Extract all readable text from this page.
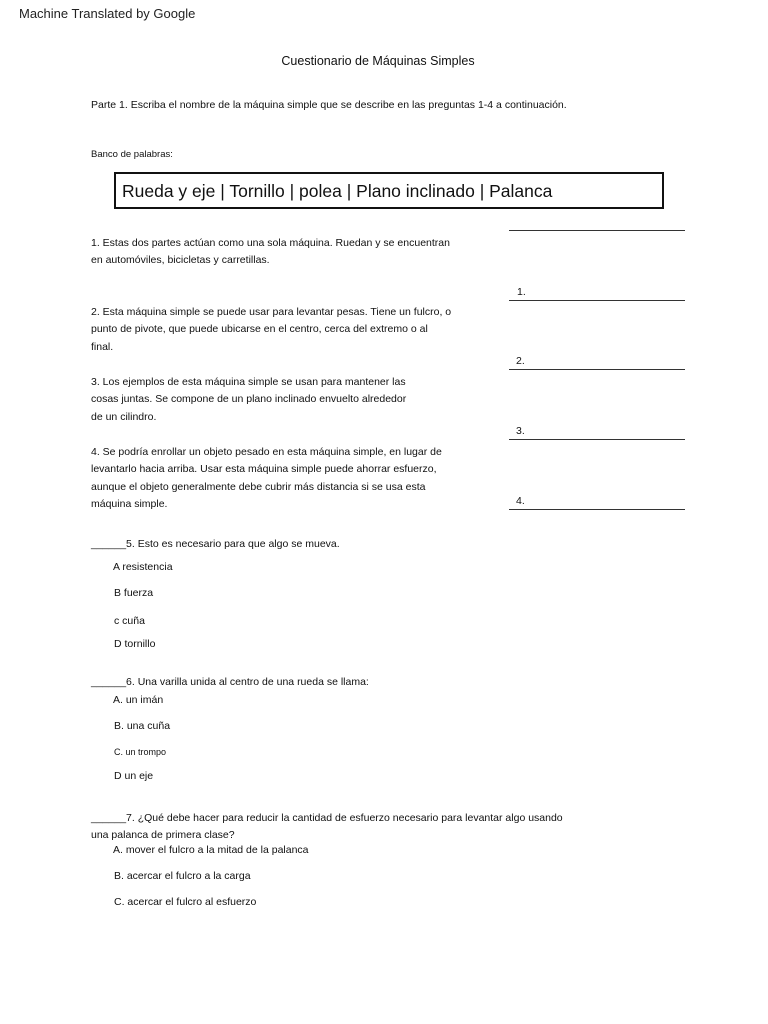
Machine Translated by Google
Cuestionario de Máquinas Simples
Parte 1. Escriba el nombre de la máquina simple que se describe en las preguntas 1-4 a continuación.
Banco de palabras:
Rueda y eje | Tornillo | polea | Plano inclinado | Palanca
1. Estas dos partes actúan como una sola máquina. Ruedan y se encuentran
en automóviles, bicicletas y carretillas.
1.
2. Esta máquina simple se puede usar para levantar pesas. Tiene un fulcro, o
punto de pivote, que puede ubicarse en el centro, cerca del extremo o al
final.
2.
3. Los ejemplos de esta máquina simple se usan para mantener las
cosas juntas. Se compone de un plano inclinado envuelto alrededor
de un cilindro.
3.
4. Se podría enrollar un objeto pesado en esta máquina simple, en lugar de
levantarlo hacia arriba. Usar esta máquina simple puede ahorrar esfuerzo,
aunque el objeto generalmente debe cubrir más distancia si se usa esta
máquina simple.	4.
______5. Esto es necesario para que algo se mueva.
A resistencia
B fuerza
c cuña
D tornillo
______6. Una varilla unida al centro de una rueda se llama:
A. un imán
B. una cuña
C. un trompo
D un eje
______7. ¿Qué debe hacer para reducir la cantidad de esfuerzo necesario para levantar algo usando
una palanca de primera clase?
A. mover el fulcro a la mitad de la palanca
B. acercar el fulcro a la carga
C. acercar el fulcro al esfuerzo
